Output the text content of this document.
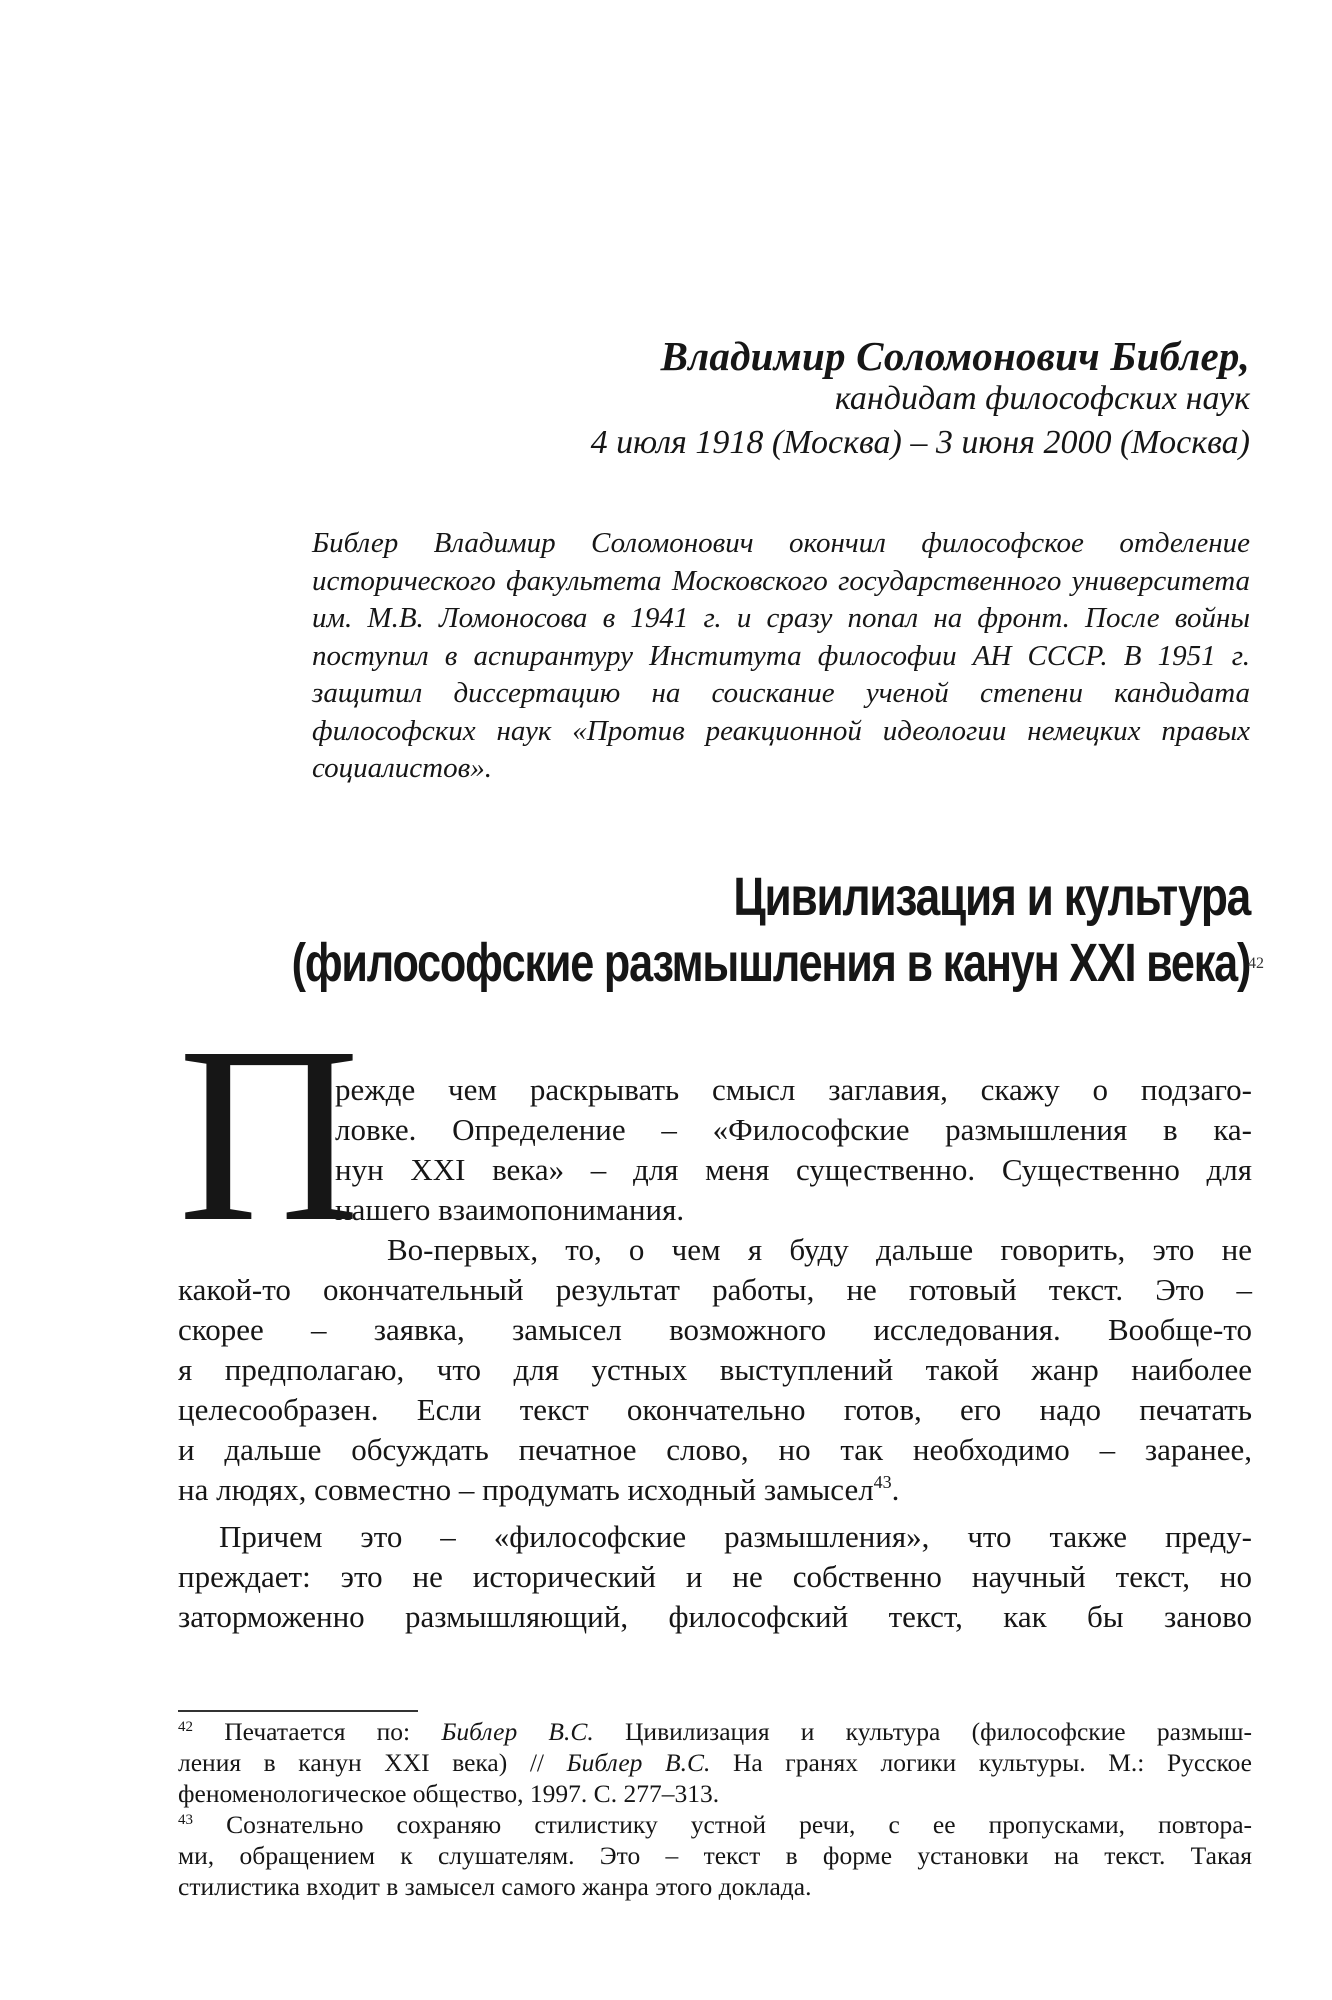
Владимир Соломонович Библер,
кандидат философских наук
4 июля 1918 (Москва) – 3 июня 2000 (Москва)
Библер Владимир Соломонович окончил философское отделение исторического факультета Московского государственного университета им. М.В. Ломоносова в 1941 г. и сразу попал на фронт. После войны поступил в аспирантуру Института философии АН СССР. В 1951 г. защитил диссертацию на соискание ученой степени кандидата философских наук «Против реакционной идеологии немецких правых социалистов».
Цивилизация и культура
(философские размышления в канун XXI века)
42
П
режде чем раскрывать смысл заглавия, скажу о подзаго-
ловке. Определение – «Философские размышления в ка-
нун XXI века» – для меня существенно. Существенно для
нашего взаимопонимания.
Во-первых, то, о чем я буду дальше говорить, это не
какой-то окончательный результат работы, не готовый текст. Это –
скорее – заявка, замысел возможного исследования. Вообще-то
я предполагаю, что для устных выступлений такой жанр наиболее
целесообразен. Если текст окончательно готов, его надо печатать
и дальше обсуждать печатное слово, но так необходимо – заранее,
на людях, совместно – продумать исходный замысел$^{43}$.
Причем это – «философские размышления», что также преду-
преждает: это не исторический и не собственно научный текст, но
заторможенно размышляющий, философский текст, как бы заново
$^{42}$ Печатается по: Библер В.С. Цивилизация и культура (философские размыш-
ления в канун XXI века) // Библер В.С. На гранях логики культуры. М.: Русское
феноменологическое общество, 1997. С. 277–313.
$^{43}$ Сознательно сохраняю стилистику устной речи, с ее пропусками, повтора-
ми, обращением к слушателям. Это – текст в форме установки на текст. Такая
стилистика входит в замысел самого жанра этого доклада.
